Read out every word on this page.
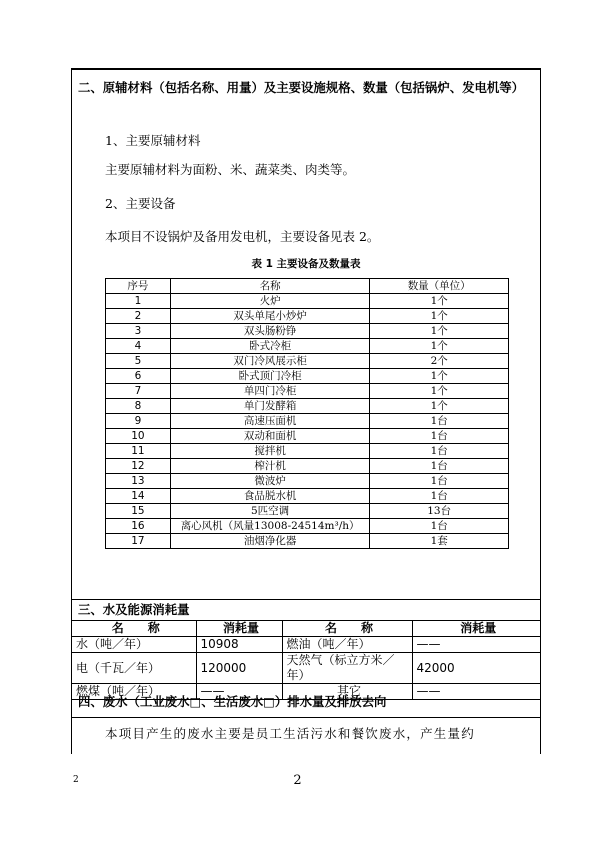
二、原辅材料（包括名称、用量）及主要设施规格、数量（包括锅炉、发电机等）
1、主要原辅材料
主要原辅材料为面粉、米、蔬菜类、肉类等。
2、主要设备
本项目不设锅炉及备用发电机，主要设备见表 2。
表 1 主要设备及数量表
序号	名称	数量（单位）
1	火炉	1个
2	双头单尾小炒炉	1个
3	双头肠粉铮	1个
4	卧式冷柜	1个
5	双门冷风展示柜	2个
6	卧式顶门冷柜	1个
7	单四门冷柜	1个
8	单门发酵箱	1个
9	高速压面机	1台
10	双动和面机	1台
11	搅拌机	1台
12	榨汁机	1台
13	微波炉	1台
14	食品脱水机	1台
15	5匹空调	13台
16	离心风机（风量13008-24514m³/h）	1台
17	油烟净化器	1套
三、水及能源消耗量
名　　称	消耗量	名　　称	消耗量
水（吨／年）	10908	燃油（吨／年）	——
电（千瓦／年）	120000	天然气（标立方米／年）	42000
燃煤（吨／年）	——	其它	——
四、废水（工业废水□、生活废水□）排水量及排放去向
本项目产生的废水主要是员工生活污水和餐饮废水，产生量约
2	2
